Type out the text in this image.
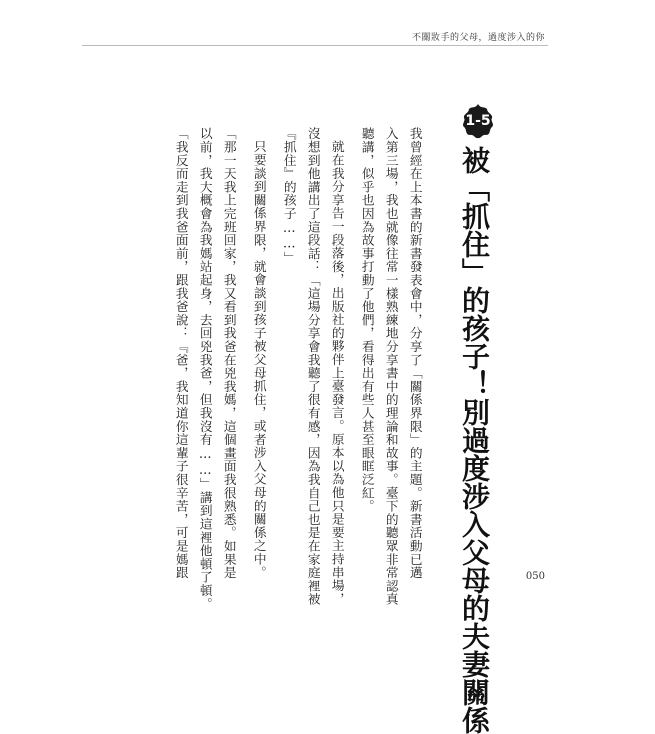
不關妝手的父母，過度涉入的你
1-5
被「抓住」的孩子！別過度涉入父母的夫妻關係
我曾經在上本書的新書發表會中，分享了「關係界限」的主題。新書活動已邁
入第三場，我也就像往常一樣熟練地分享書中的理論和故事。臺下的聽眾非常認真
聽講，似乎也因為故事打動了他們，看得出有些人甚至眼眶泛紅。
就在我分享告一段落後，出版社的夥伴上臺發言。原本以為他只是要主持串場，
沒想到他講出了這段話：「這場分享會我聽了很有感，因為我自己也是在家庭裡被
『抓住』的孩子……」
只要談到關係界限，就會談到孩子被父母抓住，或者涉入父母的關係之中。
「那一天我上完班回家，我又看到我爸在兇我媽，這個畫面我很熟悉。如果是
以前，我大概會為我媽站起身，去回兇我爸，但我沒有……」講到這裡他頓了頓。
「我反而走到我爸面前，跟我爸說：『爸，我知道你這輩子很辛苦，可是媽跟	050
